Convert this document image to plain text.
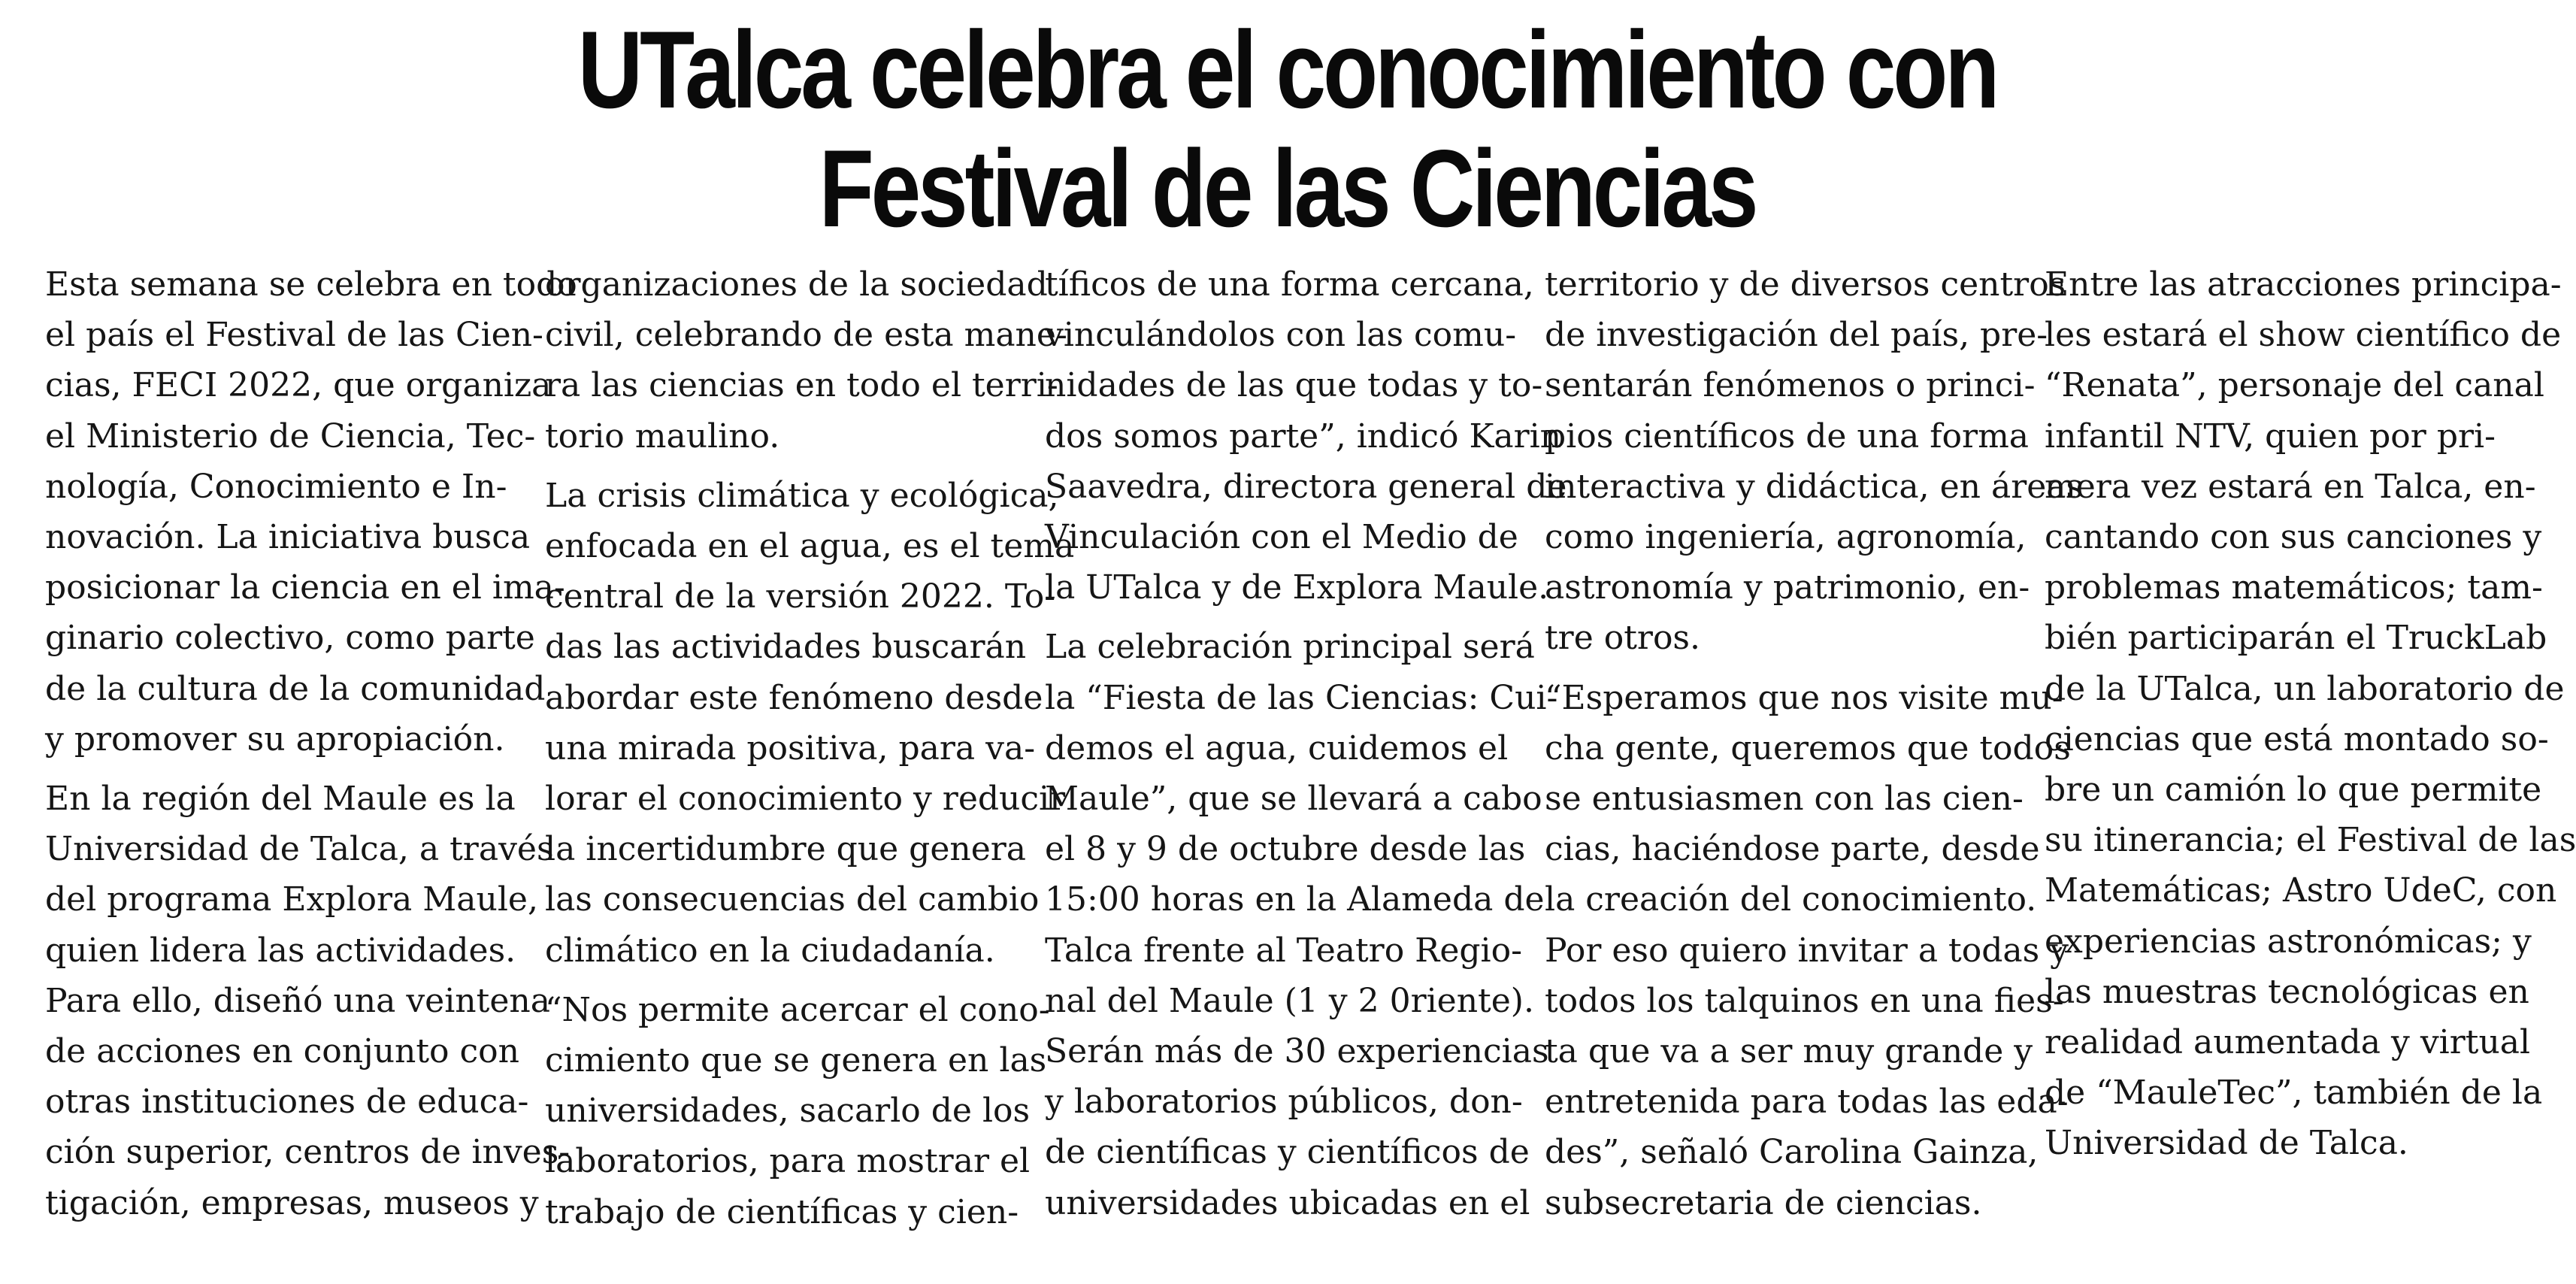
UTalca celebra el conocimiento con
Festival de las Ciencias

Esta semana se celebra en todo
el país el Festival de las Cien-
cias, FECI 2022, que organiza
el Ministerio de Ciencia, Tec-
nología, Conocimiento e In-
novación. La iniciativa busca
posicionar la ciencia en el ima-
ginario colectivo, como parte
de la cultura de la comunidad
y promover su apropiación.

En la región del Maule es la
Universidad de Talca, a través
del programa Explora Maule,
quien lidera las actividades.
Para ello, diseñó una veintena
de acciones en conjunto con
otras instituciones de educa-
ción superior, centros de inves-
tigación, empresas, museos y

organizaciones de la sociedad
civil, celebrando de esta mane-
ra las ciencias en todo el terri-
torio maulino.

La crisis climática y ecológica,
enfocada en el agua, es el tema
central de la versión 2022. To-
das las actividades buscarán
abordar este fenómeno desde
una mirada positiva, para va-
lorar el conocimiento y reducir
la incertidumbre que genera
las consecuencias del cambio
climático en la ciudadanía.

“Nos permite acercar el cono-
cimiento que se genera en las
universidades, sacarlo de los
laboratorios, para mostrar el
trabajo de científicas y cien-

tíficos de una forma cercana,
vinculándolos con las comu-
nidades de las que todas y to-
dos somos parte”, indicó Karin
Saavedra, directora general de
Vinculación con el Medio de
la UTalca y de Explora Maule.

La celebración principal será
la “Fiesta de las Ciencias: Cui-
demos el agua, cuidemos el
Maule”, que se llevará a cabo
el 8 y 9 de octubre desde las
15:00 horas en la Alameda de
Talca frente al Teatro Regio-
nal del Maule (1 y 2 0riente).
Serán más de 30 experiencias
y laboratorios públicos, don-
de científicas y científicos de
universidades ubicadas en el

territorio y de diversos centros
de investigación del país, pre-
sentarán fenómenos o princi-
pios científicos de una forma
interactiva y didáctica, en áreas
como ingeniería, agronomía,
astronomía y patrimonio, en-
tre otros.

“Esperamos que nos visite mu-
cha gente, queremos que todos
se entusiasmen con las cien-
cias, haciéndose parte, desde
la creación del conocimiento.
Por eso quiero invitar a todas y
todos los talquinos en una fies-
ta que va a ser muy grande y
entretenida para todas las eda-
des”, señaló Carolina Gainza,
subsecretaria de ciencias.

Entre las atracciones principa-
les estará el show científico de
“Renata”, personaje del canal
infantil NTV, quien por pri-
mera vez estará en Talca, en-
cantando con sus canciones y
problemas matemáticos; tam-
bién participarán el TruckLab
de la UTalca, un laboratorio de
ciencias que está montado so-
bre un camión lo que permite
su itinerancia; el Festival de las
Matemáticas; Astro UdeC, con
experiencias astronómicas; y
las muestras tecnológicas en
realidad aumentada y virtual
de “MauleTec”, también de la
Universidad de Talca.
